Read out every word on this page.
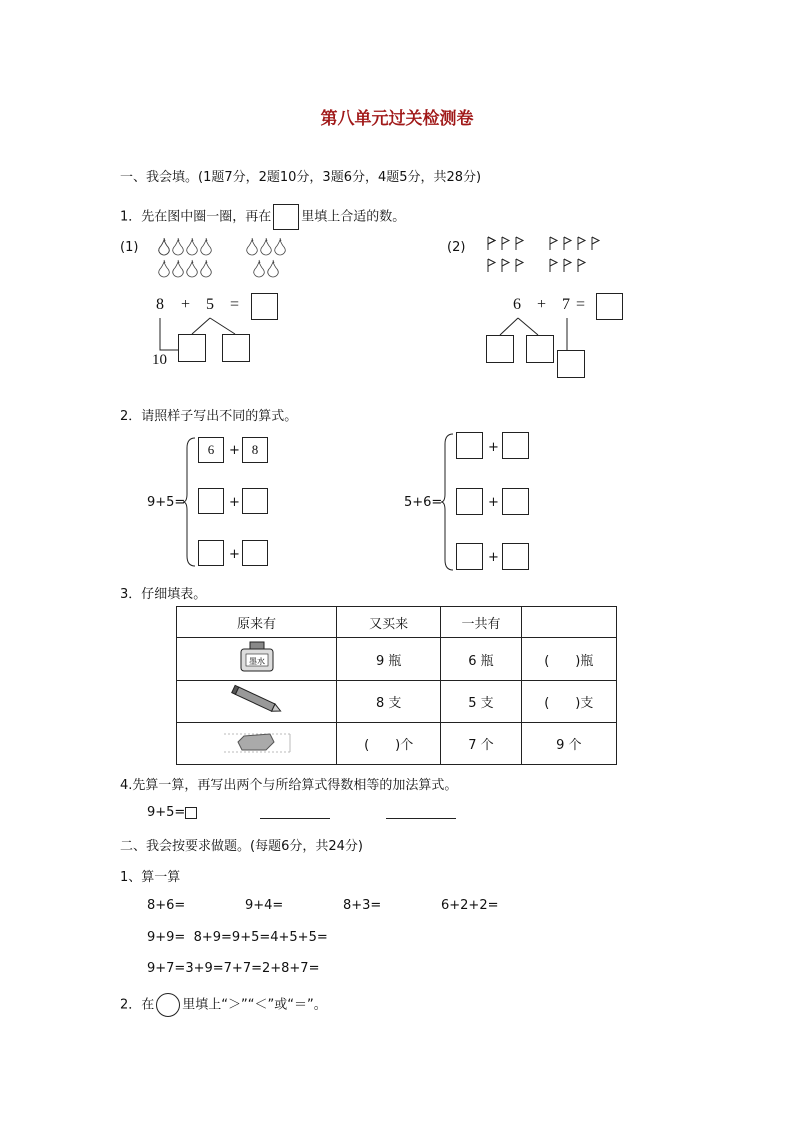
第八单元过关检测卷
一、我会填。(1题7分，2题10分，3题6分，4题5分，共28分)
1．先在图中圈一圈，再在 里填上合适的数。
(1)
8 + 5 =
10
(2)
6 + 7 =
2．请照样子写出不同的算式。
9+5=
6	+ 8
+
+
5+6=
+
+
+
3．仔细填表。
原来有	又买来	一共有	

墨水	9 瓶	6 瓶	(　　)瓶
	8 支	5 支	(　　)支
	(　　)个	7 个	9 个
4.先算一算，再写出两个与所给算式得数相等的加法算式。
9+5=
二、我会按要求做题。(每题6分，共24分)
1、算一算
8+6=	9+4=	8+3=	6+2+2=
9+9=  8+9=9+5=4+5+5=
9+7=3+9=7+7=2+8+7=
2．在 里填上“＞”“＜”或“＝”。
